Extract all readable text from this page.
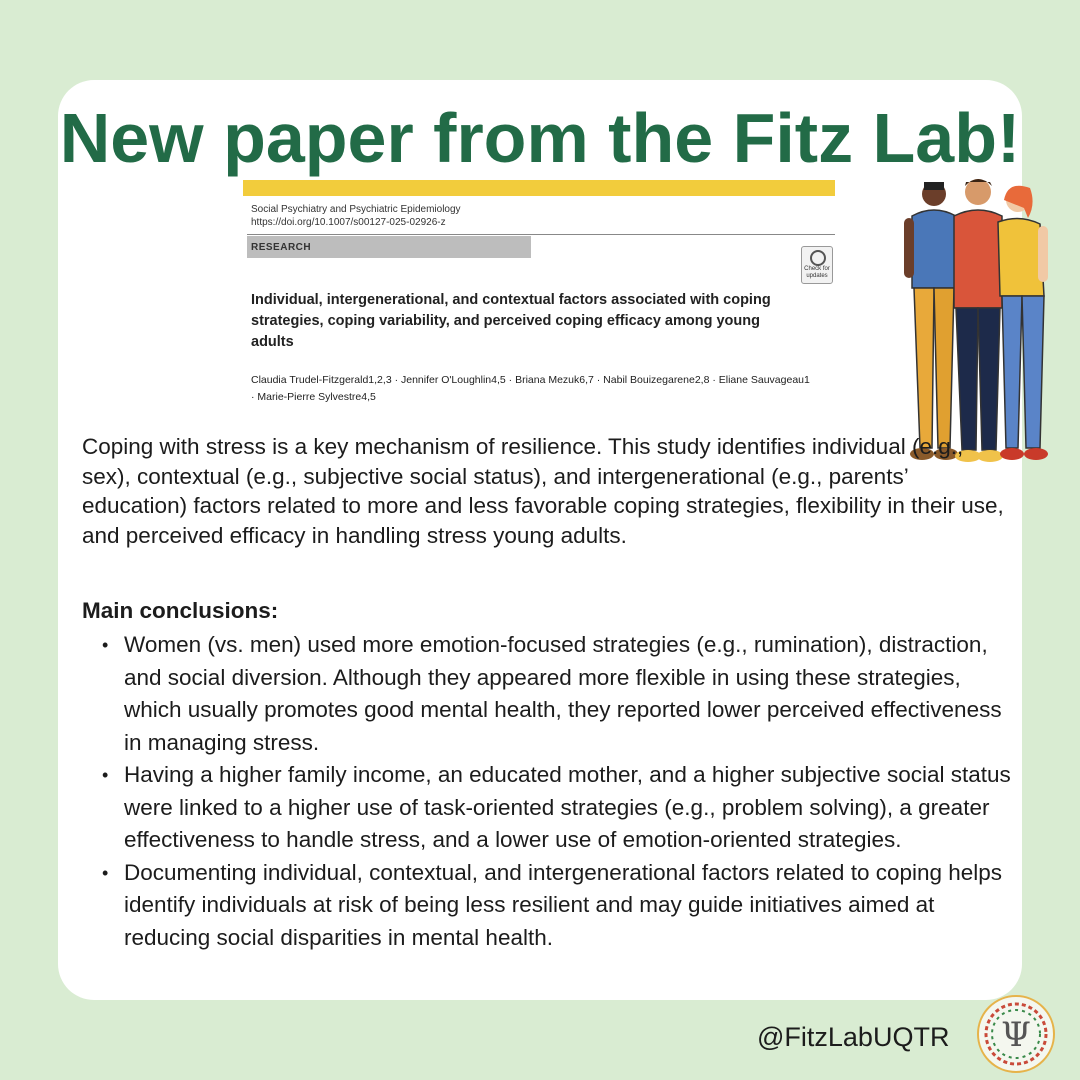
New paper from the Fitz Lab!
Social Psychiatry and Psychiatric Epidemiology
https://doi.org/10.1007/s00127-025-02926-z
RESEARCH
Check for updates
Individual, intergenerational, and contextual factors associated with coping strategies, coping variability, and perceived coping efficacy among young adults
Claudia Trudel-Fitzgerald1,2,3 · Jennifer O'Loughlin4,5 · Briana Mezuk6,7 · Nabil Bouizegarene2,8 · Eliane Sauvageau1 · Marie-Pierre Sylvestre4,5

Coping with stress is a key mechanism of resilience. This study identifies individual (e.g., sex), contextual (e.g., subjective social status), and intergenerational (e.g., parents’ education) factors related to more and less favorable coping strategies, flexibility in their use, and perceived efficacy in handling stress young adults.

Main conclusions:

• Women (vs. men) used more emotion-focused strategies (e.g., rumination), distraction, and social diversion. Although they appeared more flexible in using these strategies, which usually promotes good mental health, they reported lower perceived effectiveness in managing stress.
• Having a higher family income, an educated mother, and a higher subjective social status were linked to a higher use of task-oriented strategies (e.g., problem solving), a greater effectiveness to handle stress, and a lower use of emotion-oriented strategies.
• Documenting individual, contextual, and intergenerational factors related to coping helps identify individuals at risk of being less resilient and may guide initiatives aimed at reducing social disparities in mental health.

@FitzLabUQTR Ψ
